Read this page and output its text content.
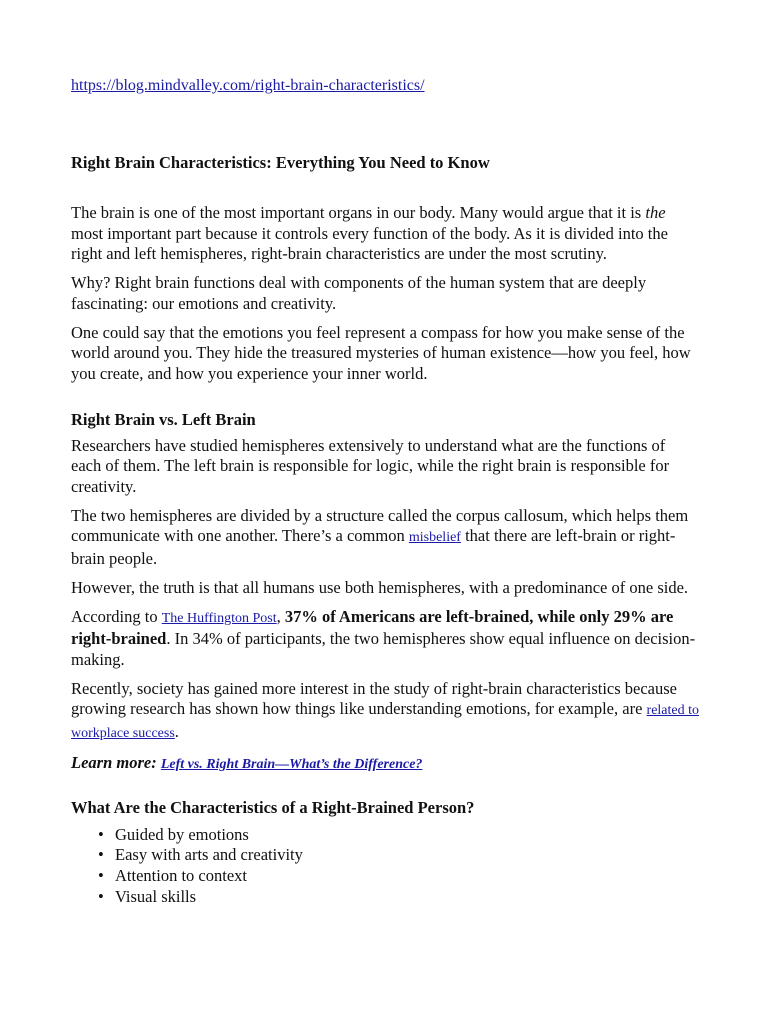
https://blog.mindvalley.com/right-brain-characteristics/
Right Brain Characteristics: Everything You Need to Know

The brain is one of the most important organs in our body. Many would argue that it is the most important part because it controls every function of the body. As it is divided into the right and left hemispheres, right-brain characteristics are under the most scrutiny.

Why? Right brain functions deal with components of the human system that are deeply fascinating: our emotions and creativity.

One could say that the emotions you feel represent a compass for how you make sense of the world around you. They hide the treasured mysteries of human existence—how you feel, how you create, and how you experience your inner world.

Right Brain vs. Left Brain

Researchers have studied hemispheres extensively to understand what are the functions of each of them. The left brain is responsible for logic, while the right brain is responsible for creativity.

The two hemispheres are divided by a structure called the corpus callosum, which helps them communicate with one another. There’s a common misbelief that there are left-brain or right-brain people.

However, the truth is that all humans use both hemispheres, with a predominance of one side.

According to The Huffington Post, 37% of Americans are left-brained, while only 29% are right-brained. In 34% of participants, the two hemispheres show equal influence on decision-making.

Recently, society has gained more interest in the study of right-brain characteristics because growing research has shown how things like understanding emotions, for example, are related to workplace success.

Learn more: Left vs. Right Brain—What’s the Difference?

What Are the Characteristics of a Right-Brained Person?
• Guided by emotions
• Easy with arts and creativity
• Attention to context
• Visual skills
